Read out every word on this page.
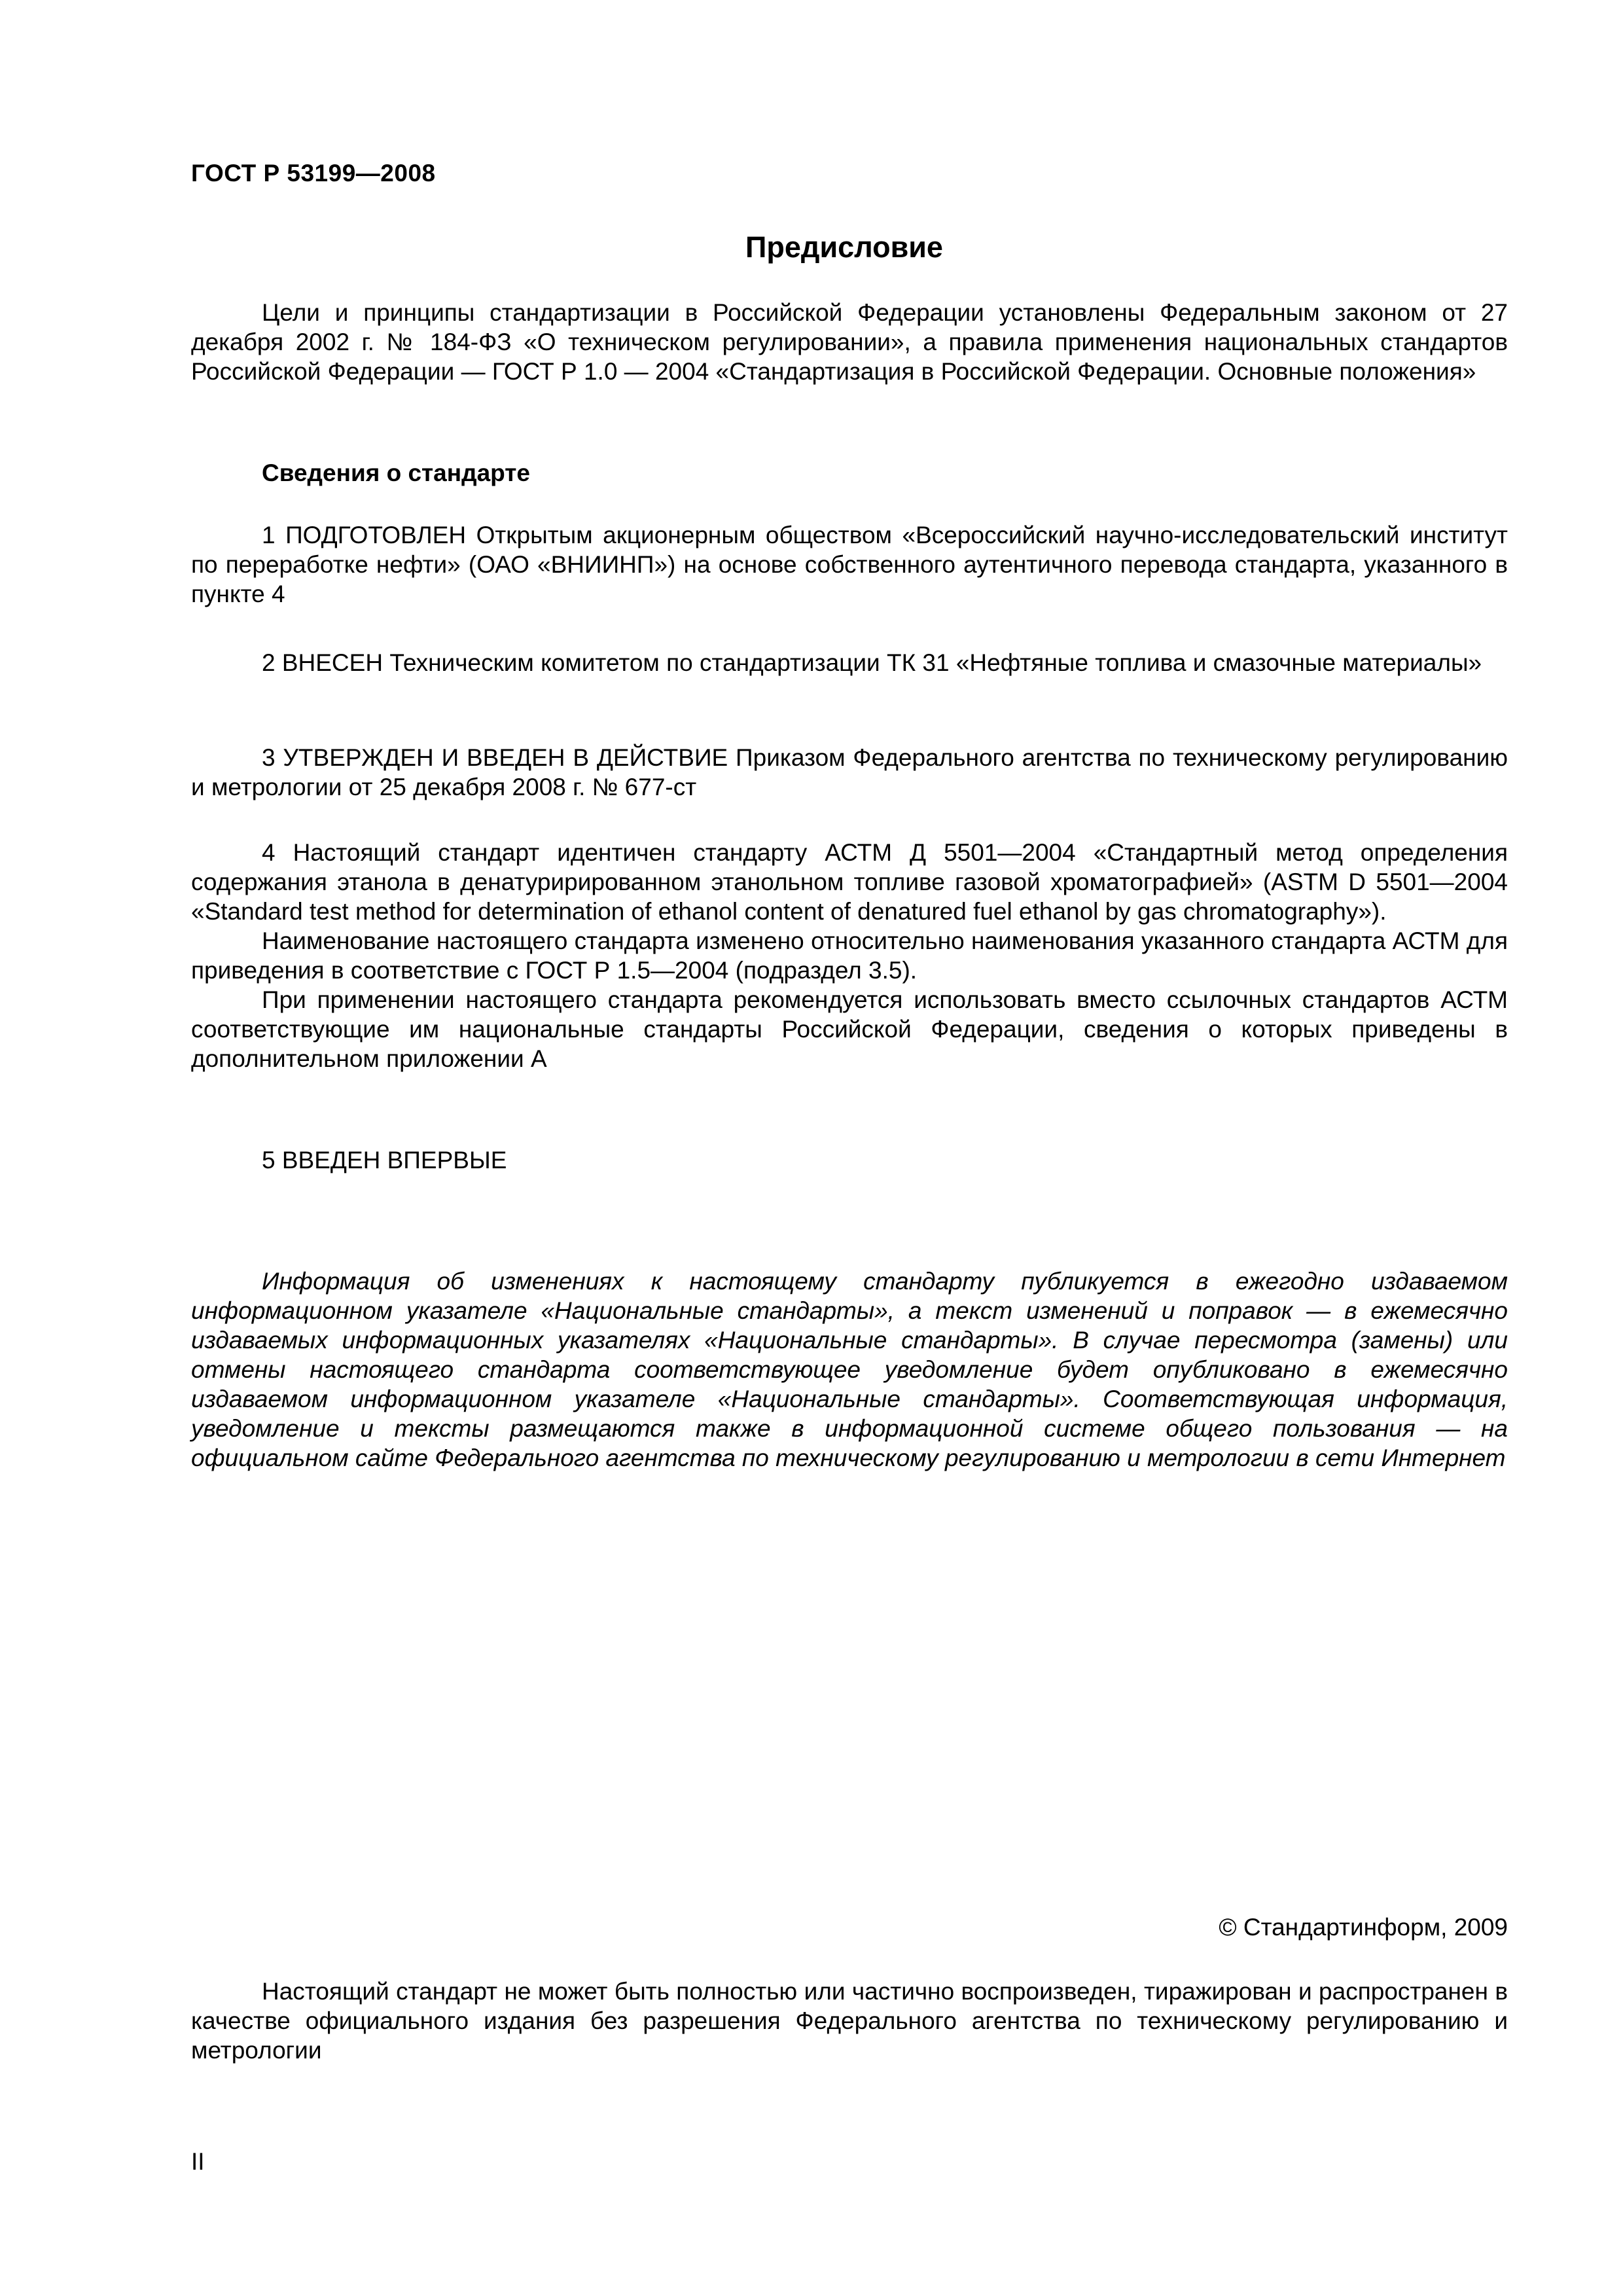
ГОСТ Р 53199—2008
Предисловие

Цели и принципы стандартизации в Российской Федерации установлены Федеральным законом от 27 декабря 2002 г. № 184-ФЗ «О техническом регулировании», а правила применения национальных стандартов Российской Федерации — ГОСТ Р 1.0 — 2004 «Стандартизация в Российской Федерации. Основные положения»

Сведения о стандарте

1 ПОДГОТОВЛЕН Открытым акционерным обществом «Всероссийский научно-исследовательский институт по переработке нефти» (ОАО «ВНИИНП») на основе собственного аутентичного перевода стандарта, указанного в пункте 4

2 ВНЕСЕН Техническим комитетом по стандартизации ТК 31 «Нефтяные топлива и смазочные материалы»

3 УТВЕРЖДЕН И ВВЕДЕН В ДЕЙСТВИЕ Приказом Федерального агентства по техническому регулированию и метрологии от 25 декабря 2008 г. № 677-ст

4 Настоящий стандарт идентичен стандарту АСТМ Д 5501—2004 «Стандартный метод определения содержания этанола в денатурирированном этанольном топливе газовой хроматографией» (ASTM D 5501—2004 «Standard test method for determination of ethanol content of denatured fuel ethanol by gas chromatography»).

Наименование настоящего стандарта изменено относительно наименования указанного стандарта АСТМ для приведения в соответствие с ГОСТ Р 1.5—2004 (подраздел 3.5).

При применении настоящего стандарта рекомендуется использовать вместо ссылочных стандартов АСТМ соответствующие им национальные стандарты Российской Федерации, сведения о которых приведены в дополнительном приложении А

5 ВВЕДЕН ВПЕРВЫЕ

Информация об изменениях к настоящему стандарту публикуется в ежегодно издаваемом информационном указателе «Национальные стандарты», а текст изменений и поправок — в ежемесячно издаваемых информационных указателях «Национальные стандарты». В случае пересмотра (замены) или отмены настоящего стандарта соответствующее уведомление будет опубликовано в ежемесячно издаваемом информационном указателе «Национальные стандарты». Соответствующая информация, уведомление и тексты размещаются также в информационной системе общего пользования — на официальном сайте Федерального агентства по техническому регулированию и метрологии в сети Интернет

© Стандартинформ, 2009

Настоящий стандарт не может быть полностью или частично воспроизведен, тиражирован и распространен в качестве официального издания без разрешения Федерального агентства по техническому регулированию и метрологии

II
